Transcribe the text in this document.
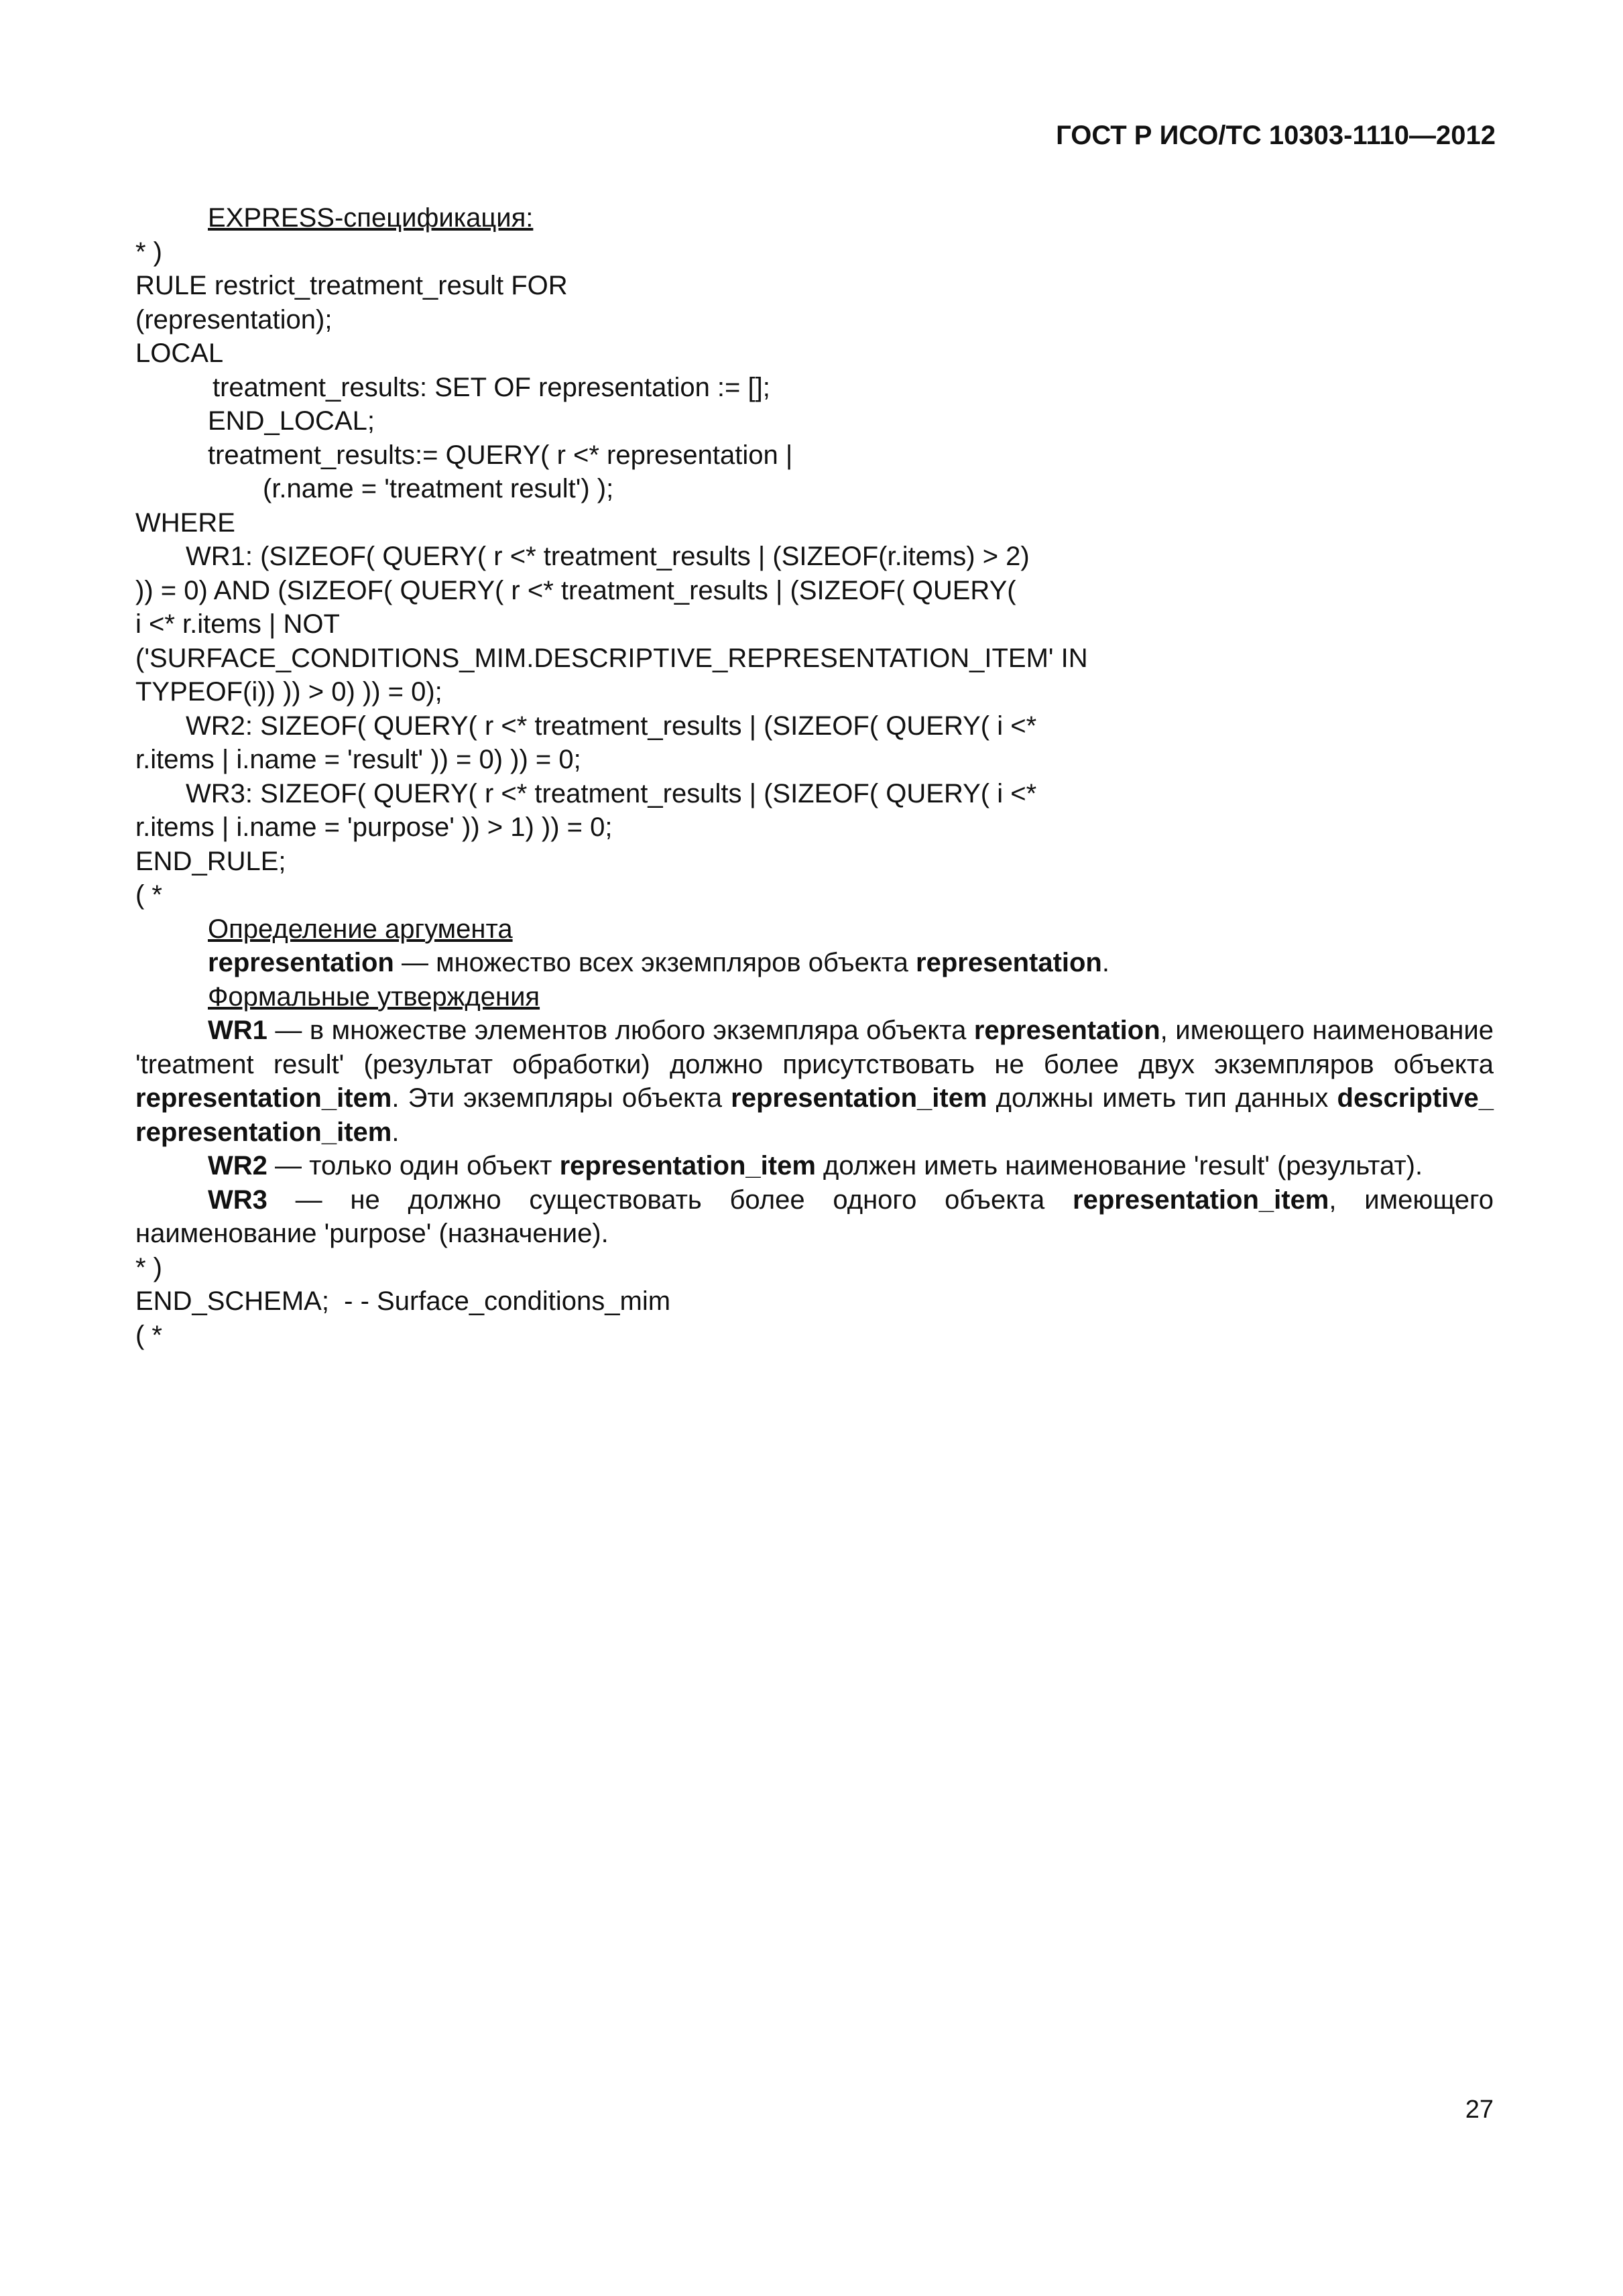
ГОСТ Р ИСО/ТС 10303-1110—2012
EXPRESS-спецификация:
* )
RULE restrict_treatment_result FOR
(representation);
LOCAL
treatment_results: SET OF representation := [];
END_LOCAL;
treatment_results:= QUERY( r <* representation |
(r.name = 'treatment result') );
WHERE
WR1: (SIZEOF( QUERY( r <* treatment_results | (SIZEOF(r.items) > 2)
)) = 0) AND (SIZEOF( QUERY( r <* treatment_results | (SIZEOF( QUERY(
i <* r.items | NOT
('SURFACE_CONDITIONS_MIM.DESCRIPTIVE_REPRESENTATION_ITEM' IN
TYPEOF(i)) )) > 0) )) = 0);
WR2: SIZEOF( QUERY( r <* treatment_results | (SIZEOF( QUERY( i <*
r.items | i.name = 'result' )) = 0) )) = 0;
WR3: SIZEOF( QUERY( r <* treatment_results | (SIZEOF( QUERY( i <*
r.items | i.name = 'purpose' )) > 1) )) = 0;
END_RULE;
( *
Определение аргумента
representation — множество всех экземпляров объекта representation.
Формальные утверждения
WR1 — в множестве элементов любого экземпляра объекта representation, имеющего наименование 'treatment result' (результат обработки) должно присутствовать не более двух экземпляров объекта representation_item. Эти экземпляры объекта representation_item должны иметь тип данных descriptive_ representation_item.
WR2 — только один объект representation_item должен иметь наименование 'result' (результат).
WR3 — не должно существовать более одного объекта representation_item, имеющего наименование 'purpose' (назначение).
* )
END_SCHEMA;  - - Surface_conditions_mim
( *
27
